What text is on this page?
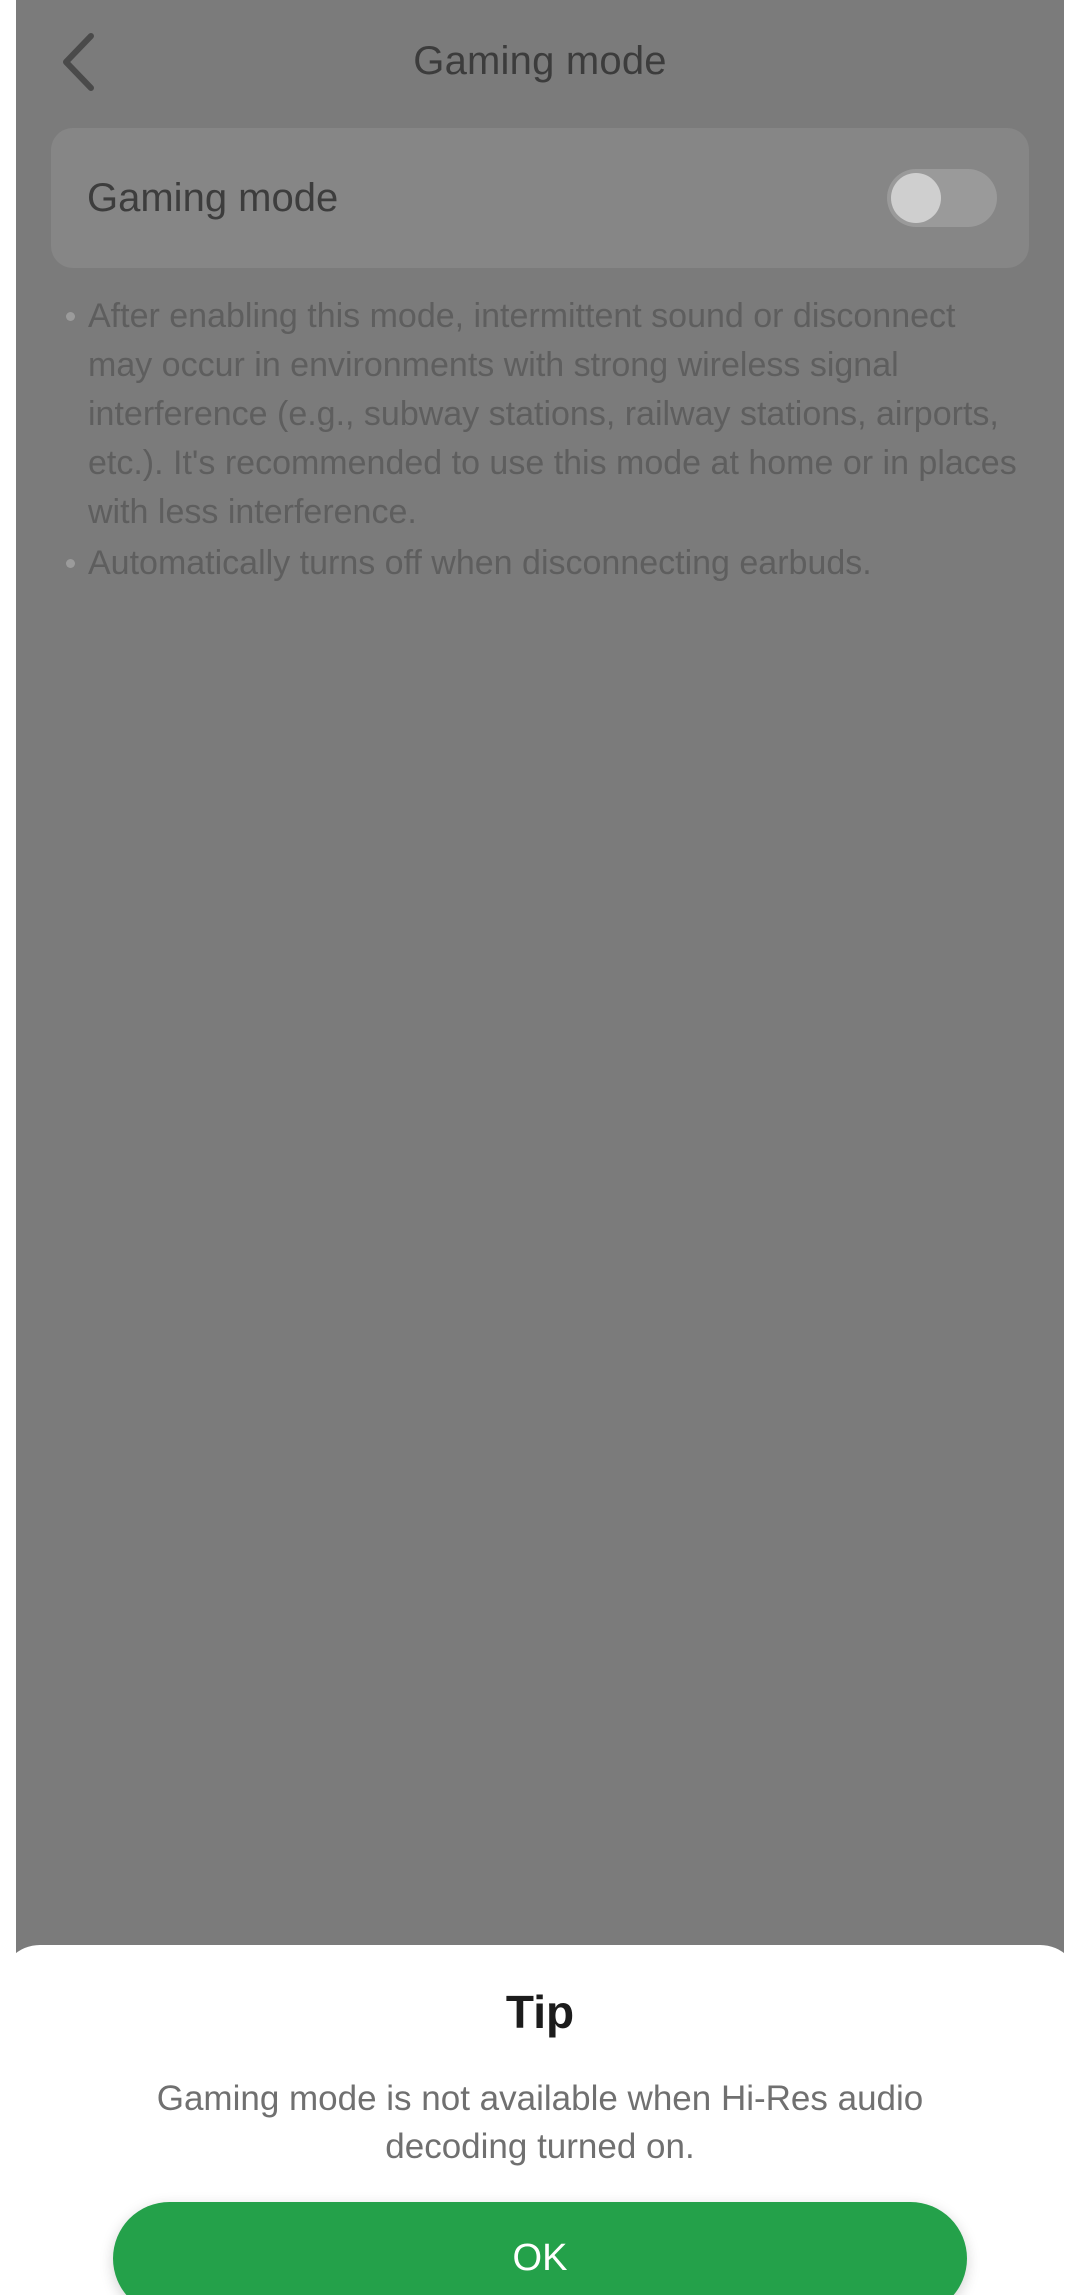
Gaming mode
Gaming mode
After enabling this mode, intermittent sound or disconnect may occur in environments with strong wireless signal interference (e.g., subway stations, railway stations, airports, etc.). It's recommended to use this mode at home or in places with less interference.
Automatically turns off when disconnecting earbuds.
Tip
Gaming mode is not available when Hi-Res audio decoding turned on.
OK
